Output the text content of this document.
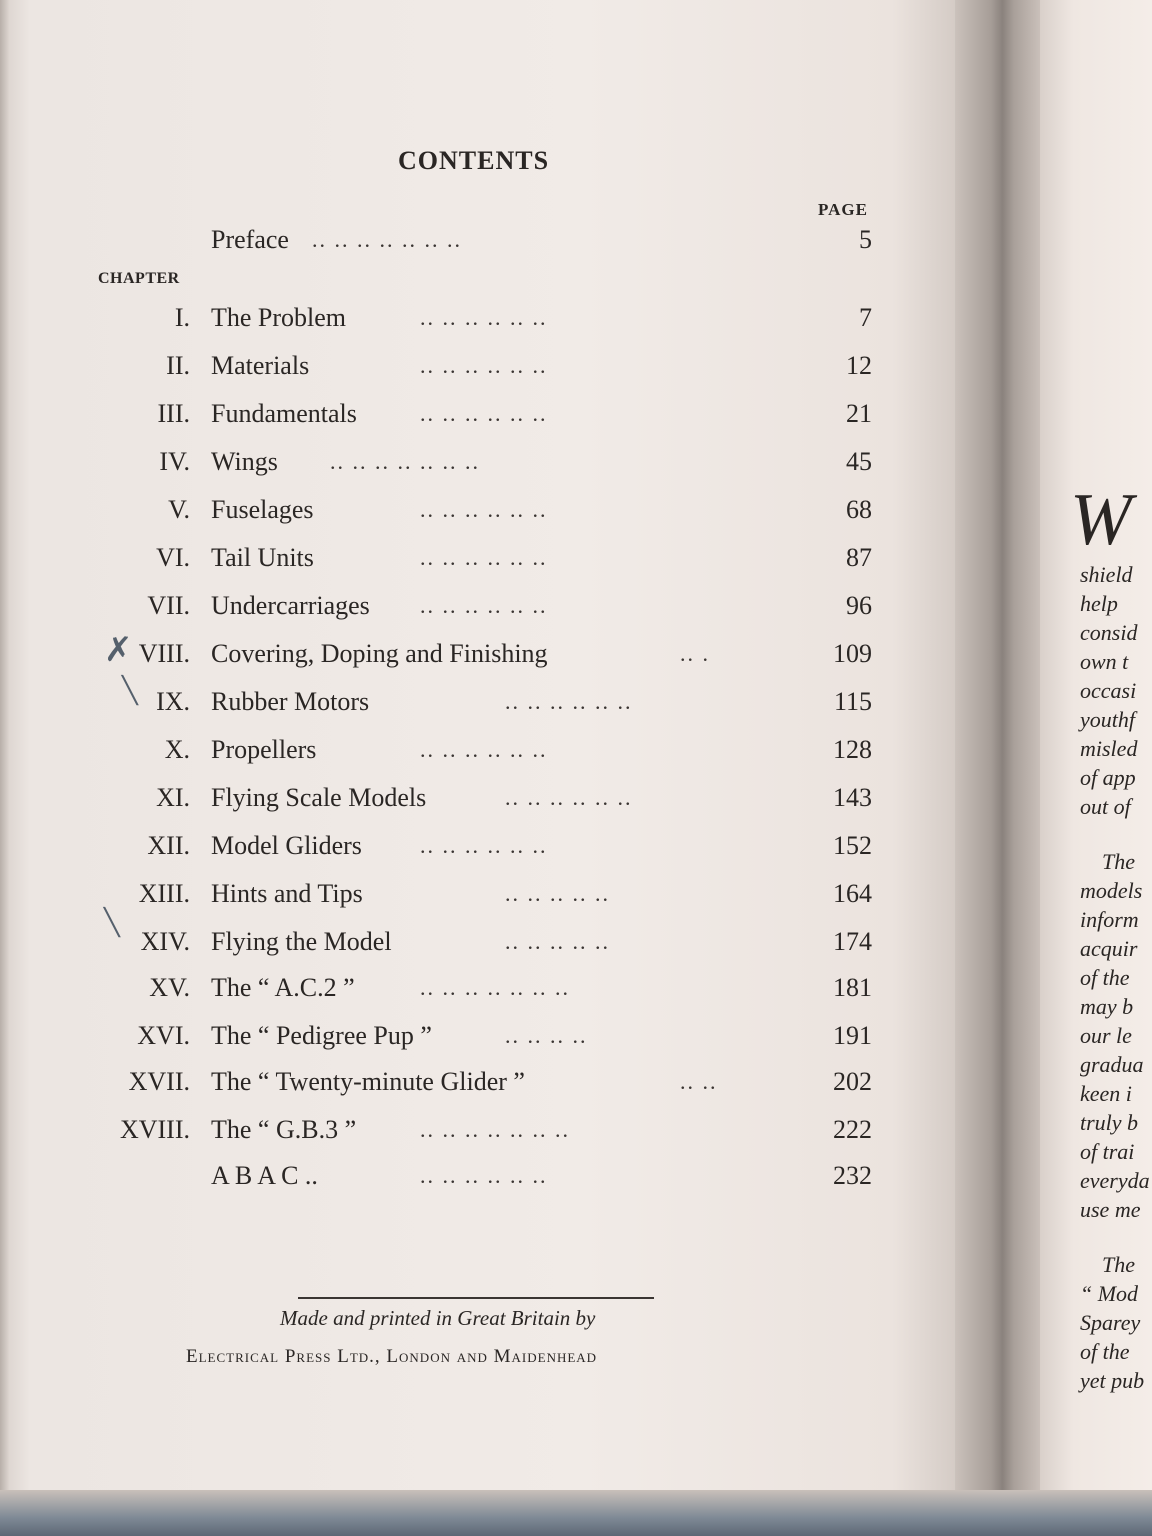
CONTENTS
PAGE
CHAPTER
Preface .. .. .. .. .. .. ..	5
I. The Problem	.. .. .. .. .. ..	7
II. Materials	.. .. .. .. .. ..	12
III. Fundamentals	.. .. .. .. .. ..	21
IV. Wings .. .. .. .. .. .. ..	45
V. Fuselages	.. .. .. .. .. ..	68
VI. Tail Units	.. .. .. .. .. ..	87
VII. Undercarriages .. .. .. .. .. ..	96
VIII. Covering, Doping and Finishing	.. .	109
IX. Rubber Motors	.. .. .. .. .. ..	115
X. Propellers	.. .. .. .. .. ..	128
XI. Flying Scale Models	.. .. .. .. .. ..	143
XII. Model Gliders	.. .. .. .. .. ..	152
XIII. Hints and Tips	.. .. .. .. ..	164
XIV. Flying the Model	.. .. .. .. ..	174
XV. The “ A.C.2 ”	.. .. .. .. .. .. ..	181
XVI. The “ Pedigree Pup ”	.. .. .. ..	191
XVII. The “ Twenty-minute Glider ”	.. ..	202
XVIII. The “ G.B.3 ”	.. .. .. .. .. .. ..	222
A B A C ..	.. .. .. .. .. ..	232
✗
╲
╲
Made and printed in Great Britain by
Electrical Press Ltd., London and Maidenhead
W
shield
help
consid
own t
occasi
youthf
misled
of app
out of
The
models
inform
acquir
of the
may b
our le
gradua
keen i
truly b
of trai
everyda
use me
The
“ Mod
Sparey
of the
yet pub
